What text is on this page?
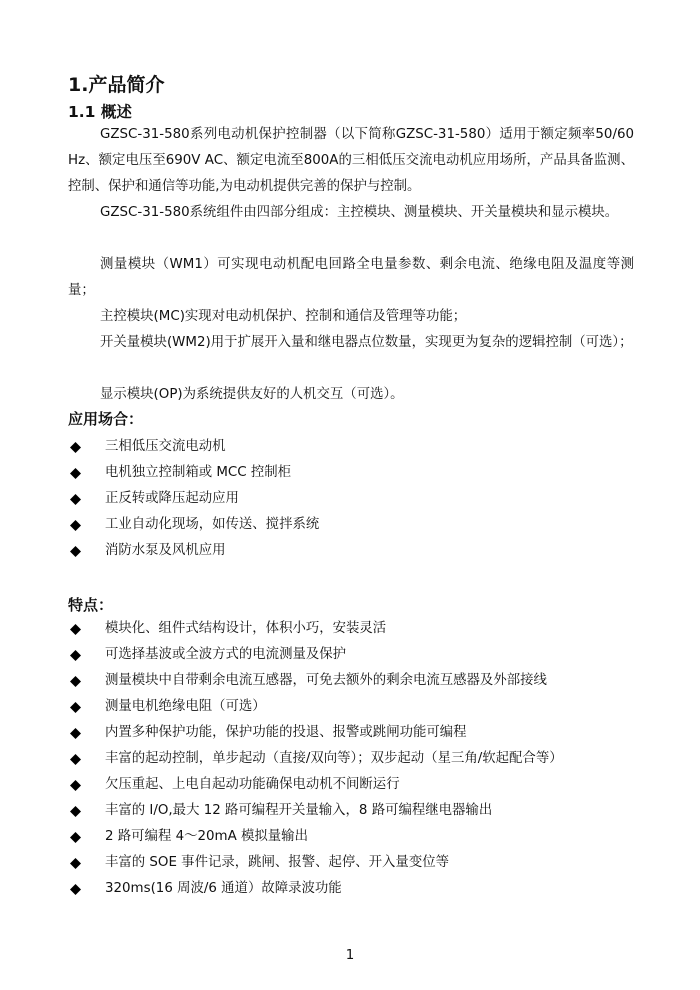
1.产品简介
1.1 概述
GZSC-31-580系列电动机保护控制器（以下简称GZSC-31-580）适用于额定频率50/60Hz、额定电压至690V AC、额定电流至800A的三相低压交流电动机应用场所，产品具备监测、控制、保护和通信等功能,为电动机提供完善的保护与控制。
GZSC-31-580系统组件由四部分组成：主控模块、测量模块、开关量模块和显示模块。
测量模块（WM1）可实现电动机配电回路全电量参数、剩余电流、绝缘电阻及温度等测量；
主控模块(MC)实现对电动机保护、控制和通信及管理等功能；
开关量模块(WM2)用于扩展开入量和继电器点位数量，实现更为复杂的逻辑控制（可选）；
显示模块(OP)为系统提供友好的人机交互（可选）。
应用场合：
三相低压交流电动机
电机独立控制箱或 MCC 控制柜
正反转或降压起动应用
工业自动化现场，如传送、搅拌系统
消防水泵及风机应用
特点：
模块化、组件式结构设计，体积小巧，安装灵活
可选择基波或全波方式的电流测量及保护
测量模块中自带剩余电流互感器，可免去额外的剩余电流互感器及外部接线
测量电机绝缘电阻（可选）
内置多种保护功能，保护功能的投退、报警或跳闸功能可编程
丰富的起动控制，单步起动（直接/双向等）；双步起动（星三角/软起配合等）
欠压重起、上电自起动功能确保电动机不间断运行
丰富的 I/O,最大 12 路可编程开关量输入，8 路可编程继电器输出
2 路可编程 4～20mA 模拟量输出
丰富的 SOE 事件记录，跳闸、报警、起停、开入量变位等
320ms(16 周波/6 通道）故障录波功能
1
